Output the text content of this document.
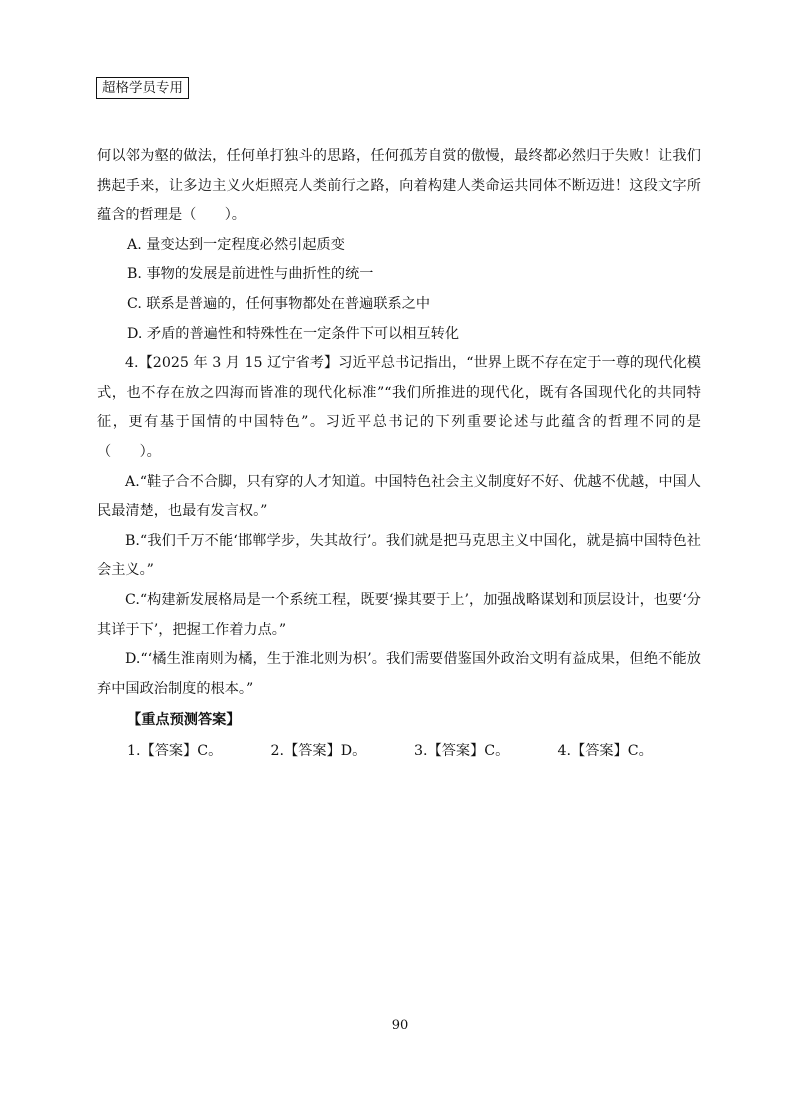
超格学员专用

何以邻为壑的做法，任何单打独斗的思路，任何孤芳自赏的傲慢，最终都必然归于失败！让我们携起手来，让多边主义火炬照亮人类前行之路，向着构建人类命运共同体不断迈进！这段文字所蕴含的哲理是（　　）。

A. 量变达到一定程度必然引起质变

B. 事物的发展是前进性与曲折性的统一

C. 联系是普遍的，任何事物都处在普遍联系之中

D. 矛盾的普遍性和特殊性在一定条件下可以相互转化

4.【2025 年 3 月 15 辽宁省考】习近平总书记指出，“世界上既不存在定于一尊的现代化模式，也不存在放之四海而皆准的现代化标准”“我们所推进的现代化，既有各国现代化的共同特征，更有基于国情的中国特色”。习近平总书记的下列重要论述与此蕴含的哲理不同的是（　　）。

A.“鞋子合不合脚，只有穿的人才知道。中国特色社会主义制度好不好、优越不优越，中国人民最清楚，也最有发言权。”

B.“我们千万不能‘邯郸学步，失其故行’。我们就是把马克思主义中国化，就是搞中国特色社会主义。”

C.“构建新发展格局是一个系统工程，既要‘操其要于上’，加强战略谋划和顶层设计，也要‘分其详于下’，把握工作着力点。”

D.“‘橘生淮南则为橘，生于淮北则为枳’。我们需要借鉴国外政治文明有益成果，但绝不能放弃中国政治制度的根本。”

【重点预测答案】

1.【答案】C。	2.【答案】D。	3.【答案】C。	4.【答案】C。
90
